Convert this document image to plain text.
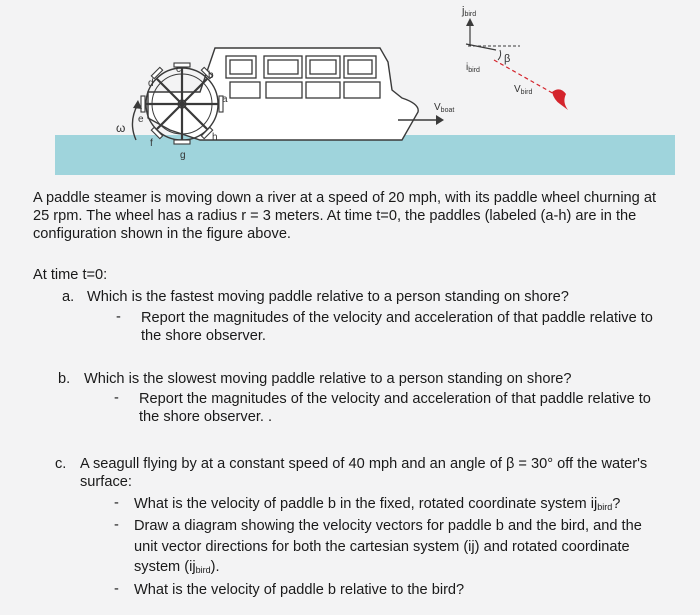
a
b
c
d
e
f
g
h
ω
$V_{boat}$
jbird
$i_{bird}$
β
$V_{bird}$
A paddle steamer is moving down a river at a speed of 20 mph, with its paddle wheel churning at
25 rpm. The wheel has a radius r = 3 meters. At time t=0, the paddles (labeled (a-h) are in the
configuration shown in the figure above.
At time t=0:
a. Which is the fastest moving paddle relative to a person standing on shore?
- Report the magnitudes of the velocity and acceleration of that paddle relative to
the shore observer.
b. Which is the slowest moving paddle relative to a person standing on shore?
- Report the magnitudes of the velocity and acceleration of that paddle relative to
the shore observer. .
c. A seagull flying by at a constant speed of 40 mph and an angle of β = 30° off the water's
surface:
- What is the velocity of paddle b in the fixed, rotated coordinate system $ij_{bird}$?
- Draw a diagram showing the velocity vectors for paddle b and the bird, and the
unit vector directions for both the cartesian system (ij) and rotated coordinate
system $(ij_{bird})$.
- What is the velocity of paddle b relative to the bird?
